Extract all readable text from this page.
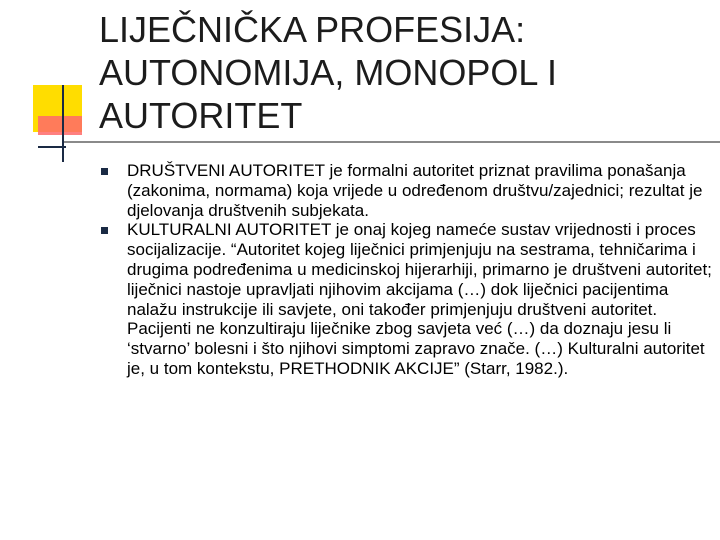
LIJEČNIČKA PROFESIJA:
AUTONOMIJA, MONOPOL I
AUTORITET
DRUŠTVENI AUTORITET je formalni autoritet priznat pravilima ponašanja (zakonima, normama) koja vrijede u određenom društvu/zajednici; rezultat je djelovanja društvenih subjekata.
KULTURALNI AUTORITET je onaj kojeg nameće sustav vrijednosti i proces socijalizacije. “Autoritet kojeg liječnici primjenjuju na sestrama, tehničarima i drugima podređenima u medicinskoj hijerarhiji, primarno je društveni autoritet; liječnici nastoje upravljati njihovim akcijama (…) dok liječnici pacijentima nalažu instrukcije ili savjete, oni također primjenjuju društveni autoritet. Pacijenti ne konzultiraju liječnike zbog savjeta već (…) da doznaju jesu li ‘stvarno’ bolesni i što njihovi simptomi zapravo znače. (…) Kulturalni autoritet je, u tom kontekstu, PRETHODNIK AKCIJE” (Starr, 1982.).
